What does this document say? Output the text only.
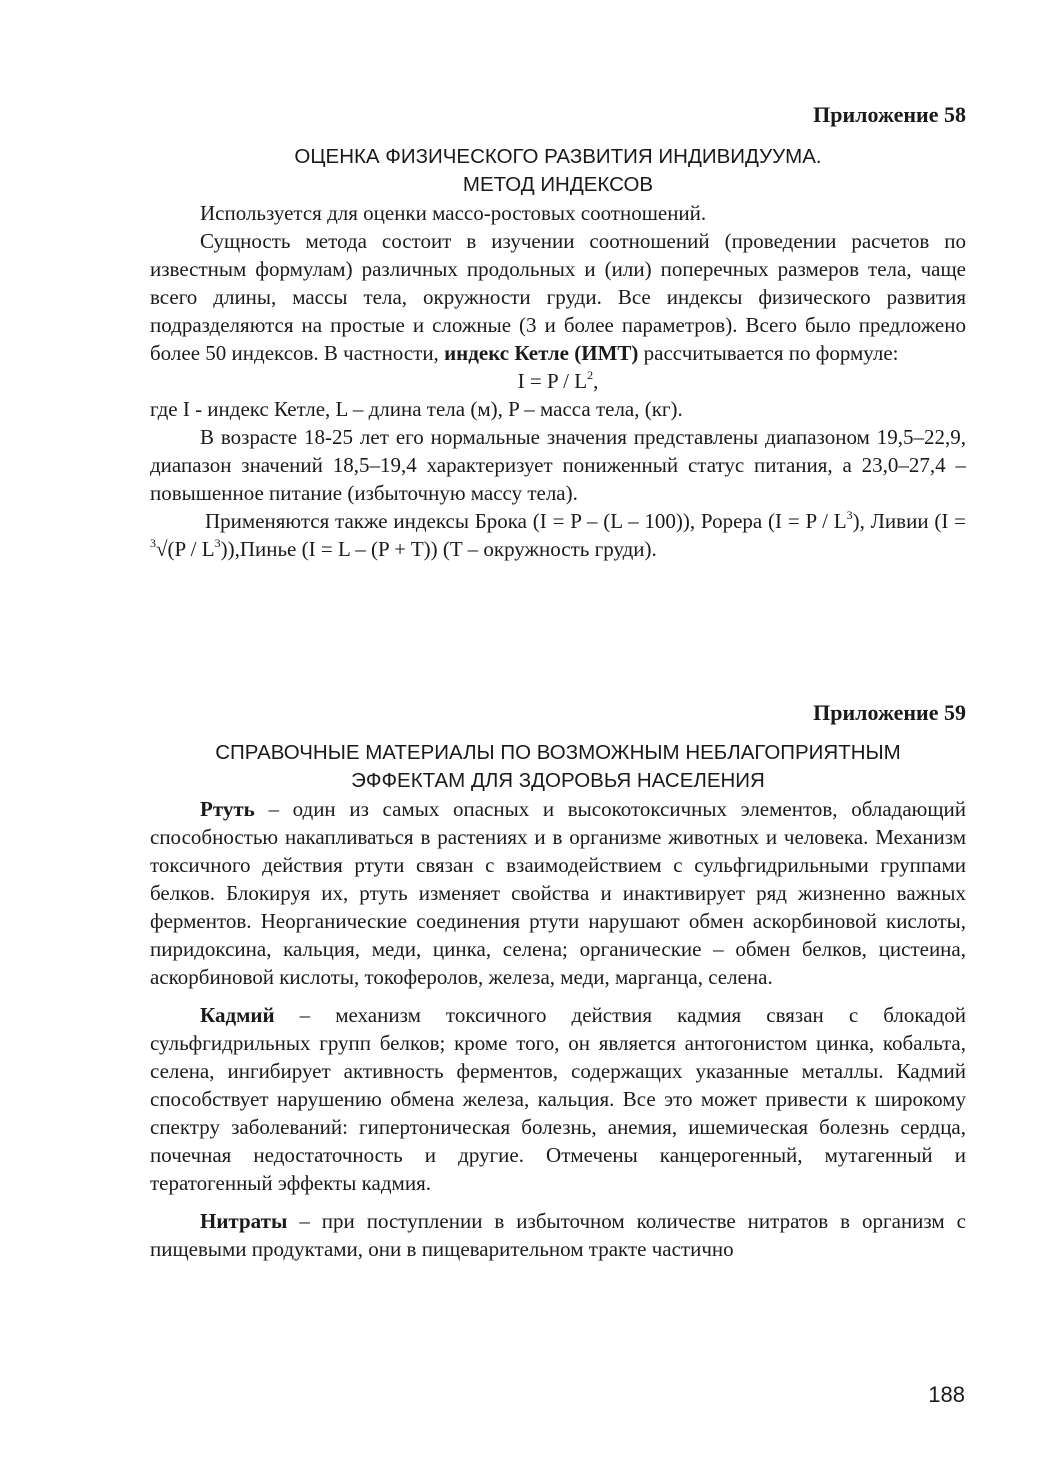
Приложение 58

ОЦЕНКА ФИЗИЧЕСКОГО РАЗВИТИЯ ИНДИВИДУУМА.

МЕТОД ИНДЕКСОВ

Используется для оценки массо-ростовых соотношений.

Сущность метода состоит в изучении соотношений (проведении расчетов по известным формулам) различных продольных и (или) поперечных размеров тела, чаще всего длины, массы тела, окружности груди. Все индексы физического развития подразделяются на простые и сложные (3 и более параметров). Всего было предложено более 50 индексов. В частности, индекс Кетле (ИМТ) рассчитывается по формуле:

$I = P / L^2$,

где I - индекс Кетле, L – длина тела (м), P – масса тела, (кг).

В возрасте 18-25 лет его нормальные значения представлены диапазоном 19,5–22,9, диапазон значений 18,5–19,4 характеризует пониженный статус питания, а 23,0–27,4 – повышенное питание (избыточную массу тела).

Применяются также индексы Брока (I = P – (L – 100)), Рорера $(I = P / L^3)$, Ливии $(I = ^3√(P / L^3)),Пинье$ (I = L – (P + T)) (T – окружность груди).

Приложение 59

СПРАВОЧНЫЕ МАТЕРИАЛЫ ПО ВОЗМОЖНЫМ НЕБЛАГОПРИЯТНЫМ

ЭФФЕКТАМ ДЛЯ ЗДОРОВЬЯ НАСЕЛЕНИЯ

Ртуть – один из самых опасных и высокотоксичных элементов, обладающий способностью накапливаться в растениях и в организме животных и человека. Механизм токсичного действия ртути связан с взаимодействием с сульфгидрильными группами белков. Блокируя их, ртуть изменяет свойства и инактивирует ряд жизненно важных ферментов. Неорганические соединения ртути нарушают обмен аскорбиновой кислоты, пиридоксина, кальция, меди, цинка, селена; органические – обмен белков, цистеина, аскорбиновой кислоты, токоферолов, железа, меди, марганца, селена.

Кадмий – механизм токсичного действия кадмия связан с блокадой сульфгидрильных групп белков; кроме того, он является антогонистом цинка, кобальта, селена, ингибирует активность ферментов, содержащих указанные металлы. Кадмий способствует нарушению обмена железа, кальция. Все это может привести к широкому спектру заболеваний: гипертоническая болезнь, анемия, ишемическая болезнь сердца, почечная недостаточность и другие. Отмечены канцерогенный, мутагенный и тератогенный эффекты кадмия.

Нитраты – при поступлении в избыточном количестве нитратов в организм с пищевыми продуктами, они в пищеварительном тракте частично

188
